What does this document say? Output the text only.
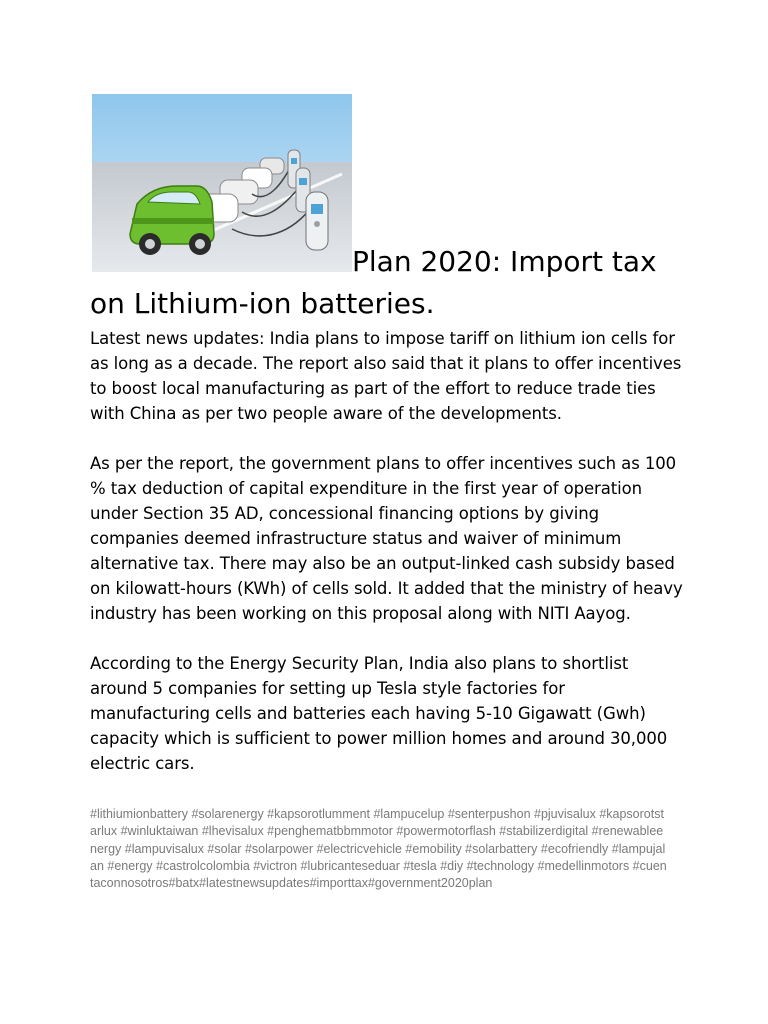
Plan 2020: Import tax
on Lithium-ion batteries.

Latest news updates: India plans to impose tariff on lithium ion cells for as long as a decade. The report also said that it plans to offer incentives to boost local manufacturing as part of the effort to reduce trade ties with China as per two people aware of the developments.

As per the report, the government plans to offer incentives such as 100 % tax deduction of capital expenditure in the first year of operation under Section 35 AD, concessional financing options by giving companies deemed infrastructure status and waiver of minimum alternative tax. There may also be an output-linked cash subsidy based on kilowatt-hours (KWh) of cells sold. It added that the ministry of heavy industry has been working on this proposal along with NITI Aayog.

According to the Energy Security Plan, India also plans to shortlist around 5 companies for setting up Tesla style factories for manufacturing cells and batteries each having 5-10 Gigawatt (Gwh) capacity which is sufficient to power million homes and around 30,000 electric cars.

#lithiumionbattery #solarenergy #kapsorotlumment #lampucelup #senterpushon #pjuvisalux #kapsorotstarlux #winluktaiwan #lhevisalux #penghematbbmmotor #powermotorflash #stabilizerdigital #renewableenergy #lampuvisalux #solar #solarpower #electricvehicle #emobility #solarbattery #ecofriendly #lampujalan #energy #castrolcolombia #victron #lubricanteseduar #tesla #diy #technology #medellinmotors #cuentaconnosotros#batx#latestnewsupdates#importtax#government2020plan
